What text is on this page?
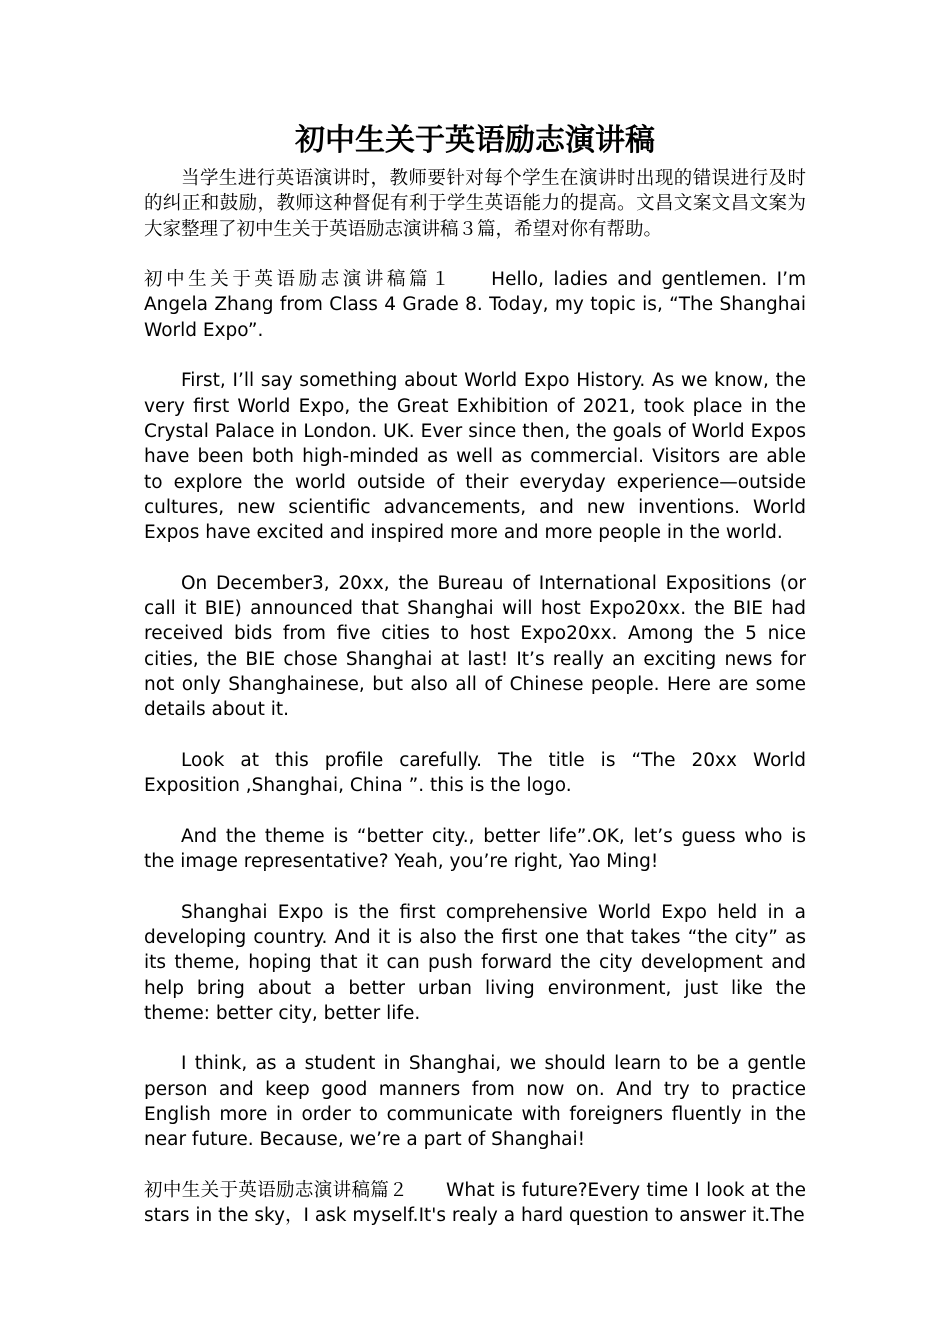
初中生关于英语励志演讲稿

当学生进行英语演讲时，教师要针对每个学生在演讲时出现的错误进行及时的纠正和鼓励，教师这种督促有利于学生英语能力的提高。文昌文案文昌文案为大家整理了初中生关于英语励志演讲稿３篇，希望对你有帮助。

初中生关于英语励志演讲稿篇１ Hello, ladies and gentlemen. I’m Angela Zhang from Class 4 Grade 8. Today, my topic is, “The Shanghai World Expo”.

First, I’ll say something about World Expo History. As we know, the very first World Expo, the Great Exhibition of 2021, took place in the Crystal Palace in London. UK. Ever since then, the goals of World Expos have been both high-minded as well as commercial. Visitors are able to explore the world outside of their everyday experience—outside cultures, new scientific advancements, and new inventions. World Expos have excited and inspired more and more people in the world.

On December3, 20xx, the Bureau of International Expositions (or call it BIE) announced that Shanghai will host Expo20xx. the BIE had received bids from five cities to host Expo20xx. Among the 5 nice cities, the BIE chose Shanghai at last! It’s really an exciting news for not only Shanghainese, but also all of Chinese people. Here are some details about it.

Look at this profile carefully. The title is “The 20xx World Exposition ,Shanghai, China ”. this is the logo.

And the theme is “better city., better life”.OK, let’s guess who is the image representative? Yeah, you’re right, Yao Ming!

Shanghai Expo is the first comprehensive World Expo held in a developing country. And it is also the first one that takes “the city” as its theme, hoping that it can push forward the city development and help bring about a better urban living environment, just like the theme: better city, better life.

I think, as a student in Shanghai, we should learn to be a gentle person and keep good manners from now on. And try to practice English more in order to communicate with foreigners fluently in the near future. Because, we’re a part of Shanghai!

初中生关于英语励志演讲稿篇２ What is future?Every time I look at the stars in the sky，I ask myself.It's realy a hard question to answer it.The
